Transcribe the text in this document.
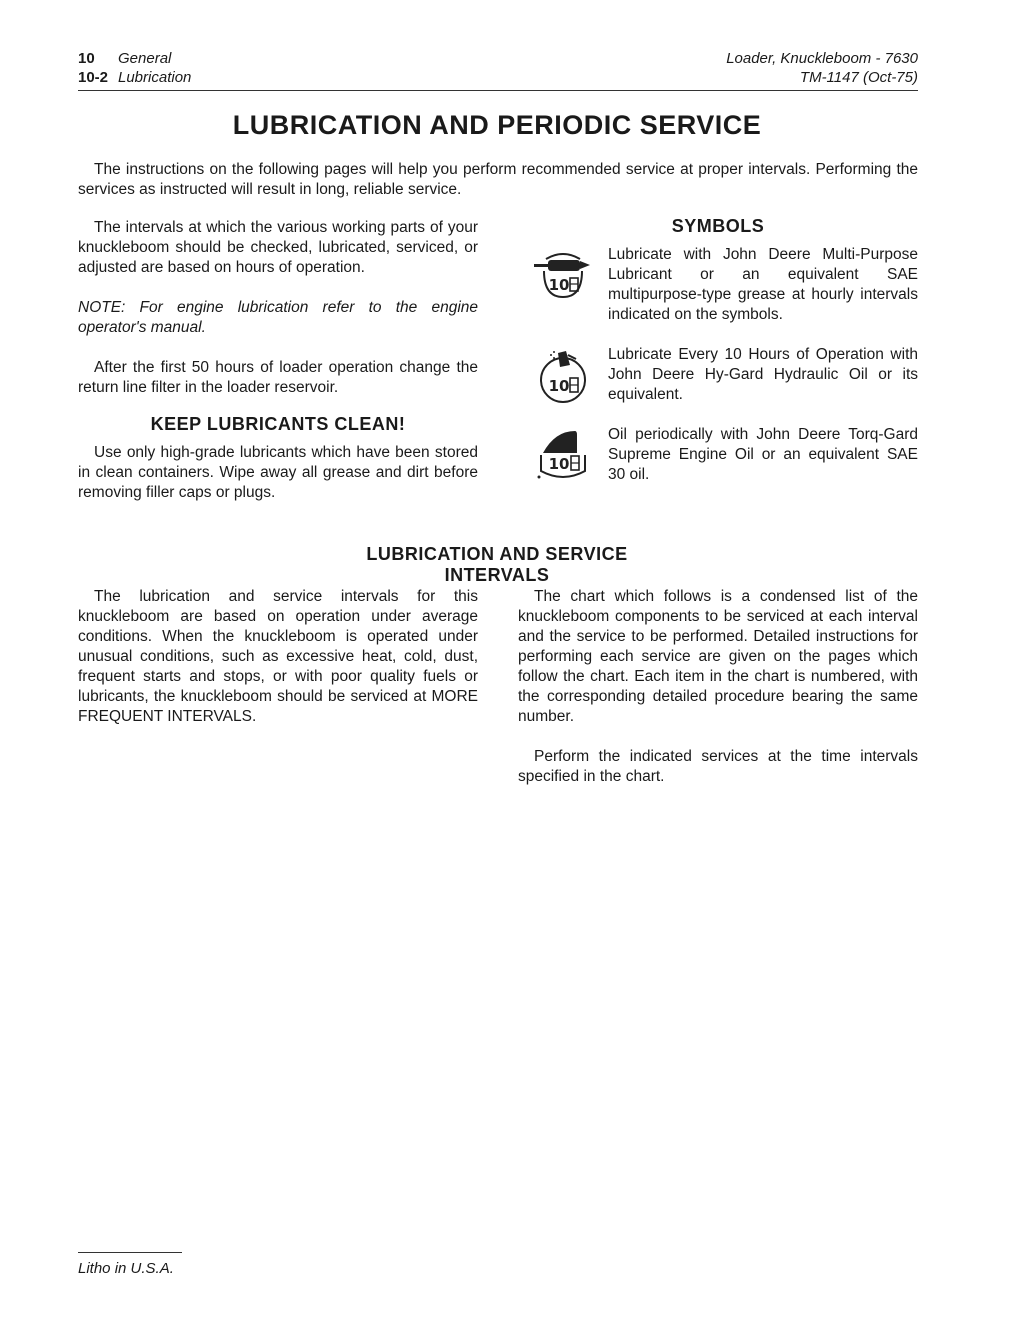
10 General
10-2 Lubrication
Loader, Knuckleboom - 7630
TM-1147 (Oct-75)
LUBRICATION AND PERIODIC SERVICE

The instructions on the following pages will help you perform recommended service at proper intervals. Performing the services as instructed will result in long, reliable service.

The intervals at which the various working parts of your knuckleboom should be checked, lubricated, serviced, or adjusted are based on hours of operation.

NOTE: For engine lubrication refer to the engine operator's manual.

After the first 50 hours of loader operation change the return line filter in the loader reservoir.

KEEP LUBRICANTS CLEAN!

Use only high-grade lubricants which have been stored in clean containers. Wipe away all grease and dirt before removing filler caps or plugs.

SYMBOLS
10
Lubricate with John Deere Multi-Purpose Lubricant or an equivalent SAE multipurpose-type grease at hourly intervals indicated on the symbols.
10
Lubricate Every 10 Hours of Operation with John Deere Hy-Gard Hydraulic Oil or its equivalent.
10
Oil periodically with John Deere Torq-Gard Supreme Engine Oil or an equivalent SAE 30 oil.
LUBRICATION AND SERVICE
INTERVALS

The lubrication and service intervals for this knuckleboom are based on operation under average conditions. When the knuckleboom is operated under unusual conditions, such as excessive heat, cold, dust, frequent starts and stops, or with poor quality fuels or lubricants, the knuckleboom should be serviced at MORE FREQUENT INTERVALS.

The chart which follows is a condensed list of the knuckleboom components to be serviced at each interval and the service to be performed. Detailed instructions for performing each service are given on the pages which follow the chart. Each item in the chart is numbered, with the corresponding detailed procedure bearing the same number.

Perform the indicated services at the time intervals specified in the chart.

Litho in U.S.A.
